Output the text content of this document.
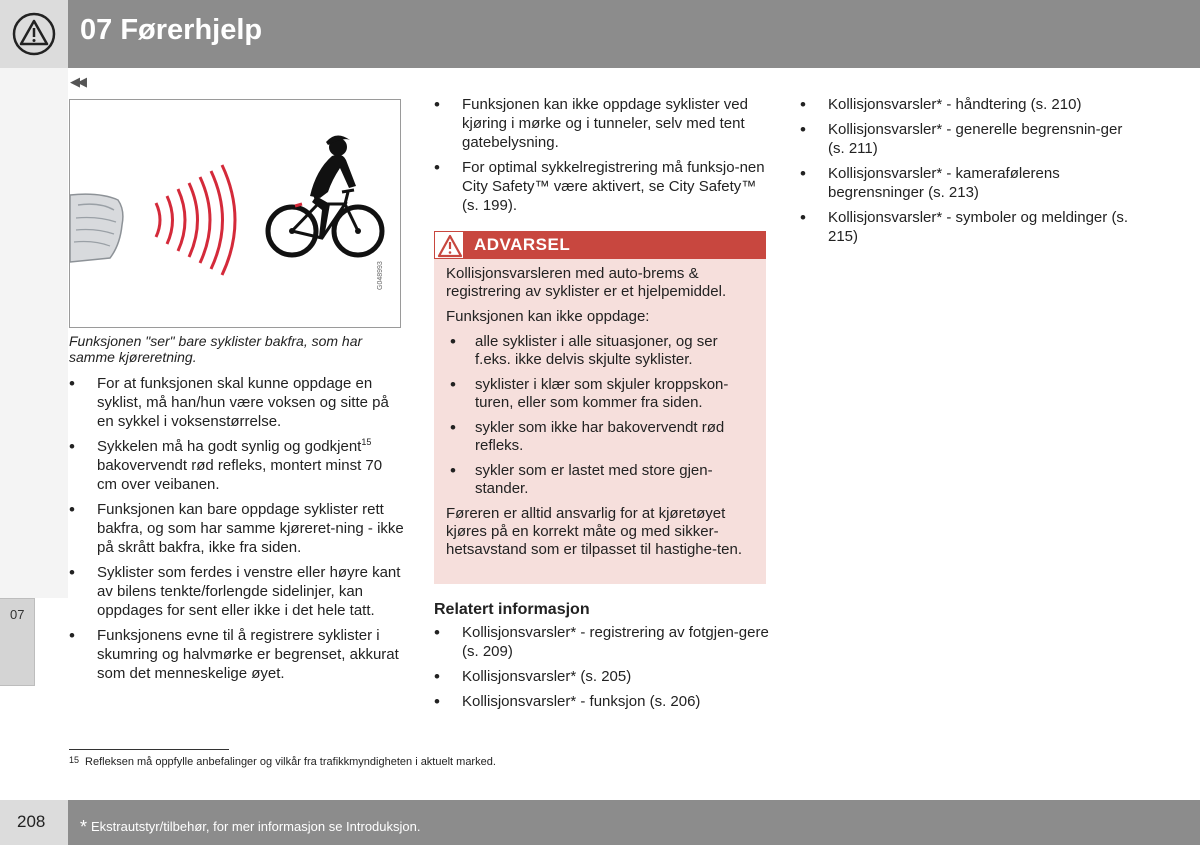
07 Førerhjelp
07
◀◀
G048993
Funksjonen "ser" bare syklister bakfra, som har samme kjøreretning.
• For at funksjonen skal kunne oppdage en syklist, må han/hun være voksen og sitte på en sykkel i voksenstørrelse.
• Sykkelen må ha godt synlig og godkjent$^{15}$ bakovervendt rød refleks, montert minst 70 cm over veibanen.
• Funksjonen kan bare oppdage syklister rett bakfra, og som har samme kjøreret-ning - ikke på skrått bakfra, ikke fra siden.
• Syklister som ferdes i venstre eller høyre kant av bilens tenkte/forlengde sidelinjer, kan oppdages for sent eller ikke i det hele tatt.
• Funksjonens evne til å registrere syklister i skumring og halvmørke er begrenset, akkurat som det menneskelige øyet.
• Funksjonen kan ikke oppdage syklister ved kjøring i mørke og i tunneler, selv med tent gatebelysning.
• For optimal sykkelregistrering må funksjo-nen City Safety™ være aktivert, se City Safety™ (s. 199).
ADVARSEL

Kollisjonsvarsleren med auto-brems & registrering av syklister er et hjelpemiddel.

Funksjonen kan ikke oppdage:

• alle syklister i alle situasjoner, og ser f.eks. ikke delvis skjulte syklister.
• syklister i klær som skjuler kroppskon-turen, eller som kommer fra siden.
• sykler som ikke har bakovervendt rød refleks.
• sykler som er lastet med store gjen-stander.

Føreren er alltid ansvarlig for at kjøretøyet kjøres på en korrekt måte og med sikker-hetsavstand som er tilpasset til hastighe-ten.

Relatert informasjon
• Kollisjonsvarsler* - registrering av fotgjen-gere (s. 209)
• Kollisjonsvarsler* (s. 205)
• Kollisjonsvarsler* - funksjon (s. 206)
• Kollisjonsvarsler* - håndtering (s. 210)
• Kollisjonsvarsler* - generelle begrensnin-ger (s. 211)
• Kollisjonsvarsler* - kamerafølerens begrensninger (s. 213)
• Kollisjonsvarsler* - symboler og meldinger (s. 215)
15 Refleksen må oppfylle anbefalinger og vilkår fra trafikkmyndigheten i aktuelt marked.
208 * Ekstrautstyr/tilbehør, for mer informasjon se Introduksjon.
